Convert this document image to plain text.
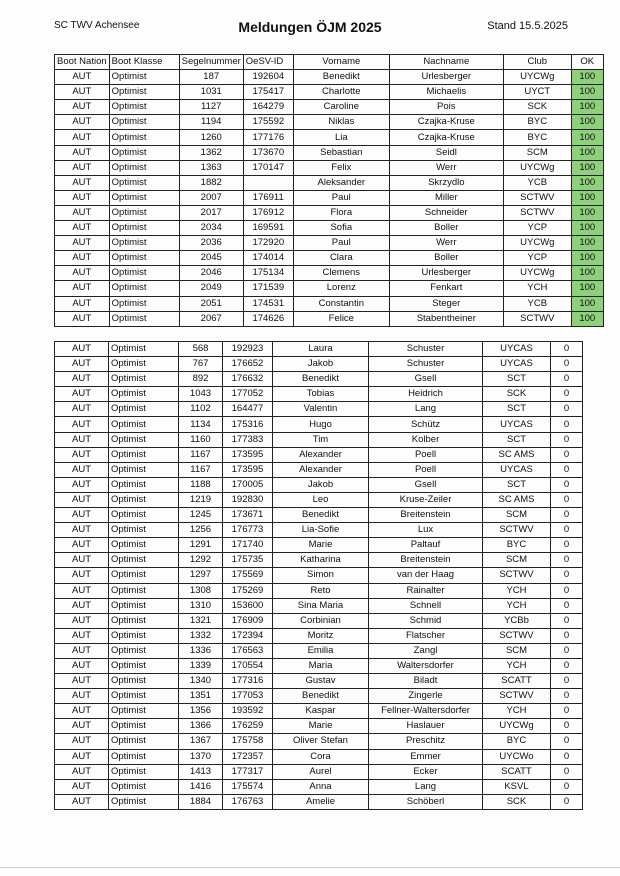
SC TWV Achensee	Meldungen ÖJM 2025	Stand 15.5.2025
Boot Nation	Boot Klasse	Segelnummer	OeSV-ID	Vorname	Nachname	Club	OK
AUT	Optimist	187	192604	Benedikt	Urlesberger	UYCWg	100
AUT	Optimist	1031	175417	Charlotte	Michaelis	UYCT	100
AUT	Optimist	1127	164279	Caroline	Pois	SCK	100
AUT	Optimist	1194	175592	Niklas	Czajka-Kruse	BYC	100
AUT	Optimist	1260	177176	Lia	Czajka-Kruse	BYC	100
AUT	Optimist	1362	173670	Sebastian	Seidl	SCM	100
AUT	Optimist	1363	170147	Felix	Werr	UYCWg	100
AUT	Optimist	1882		Aleksander	Skrzydlo	YCB	100
AUT	Optimist	2007	176911	Paul	Miller	SCTWV	100
AUT	Optimist	2017	176912	Flora	Schneider	SCTWV	100
AUT	Optimist	2034	169591	Sofia	Boller	YCP	100
AUT	Optimist	2036	172920	Paul	Werr	UYCWg	100
AUT	Optimist	2045	174014	Clara	Boller	YCP	100
AUT	Optimist	2046	175134	Clemens	Urlesberger	UYCWg	100
AUT	Optimist	2049	171539	Lorenz	Fenkart	YCH	100
AUT	Optimist	2051	174531	Constantin	Steger	YCB	100
AUT	Optimist	2067	174626	Felice	Stabentheiner	SCTWV	100
AUT	Optimist	568	192923	Laura	Schuster	UYCAS	0
AUT	Optimist	767	176652	Jakob	Schuster	UYCAS	0
AUT	Optimist	892	176632	Benedikt	Gsell	SCT	0
AUT	Optimist	1043	177052	Tobias	Heidrich	SCK	0
AUT	Optimist	1102	164477	Valentin	Lang	SCT	0
AUT	Optimist	1134	175316	Hugo	Schütz	UYCAS	0
AUT	Optimist	1160	177383	Tim	Kolber	SCT	0
AUT	Optimist	1167	173595	Alexander	Poell	SC AMS	0
AUT	Optimist	1167	173595	Alexander	Poell	UYCAS	0
AUT	Optimist	1188	170005	Jakob	Gsell	SCT	0
AUT	Optimist	1219	192830	Leo	Kruse-Zeiler	SC AMS	0
AUT	Optimist	1245	173671	Benedikt	Breitenstein	SCM	0
AUT	Optimist	1256	176773	Lia-Sofie	Lux	SCTWV	0
AUT	Optimist	1291	171740	Marie	Paltauf	BYC	0
AUT	Optimist	1292	175735	Katharina	Breitenstein	SCM	0
AUT	Optimist	1297	175569	Simon	van der Haag	SCTWV	0
AUT	Optimist	1308	175269	Reto	Rainalter	YCH	0
AUT	Optimist	1310	153600	Sina Maria	Schnell	YCH	0
AUT	Optimist	1321	176909	Corbinian	Schmid	YCBb	0
AUT	Optimist	1332	172394	Moritz	Flatscher	SCTWV	0
AUT	Optimist	1336	176563	Emilia	Zangl	SCM	0
AUT	Optimist	1339	170554	Maria	Waltersdorfer	YCH	0
AUT	Optimist	1340	177316	Gustav	Biladt	SCATT	0
AUT	Optimist	1351	177053	Benedikt	Zingerle	SCTWV	0
AUT	Optimist	1356	193592	Kaspar	Fellner-Waltersdorfer	YCH	0
AUT	Optimist	1366	176259	Marie	Haslauer	UYCWg	0
AUT	Optimist	1367	175758	Oliver Stefan	Preschitz	BYC	0
AUT	Optimist	1370	172357	Cora	Emmer	UYCWo	0
AUT	Optimist	1413	177317	Aurel	Ecker	SCATT	0
AUT	Optimist	1416	175574	Anna	Lang	KSVL	0
AUT	Optimist	1884	176763	Amelie	Schöberl	SCK	0
